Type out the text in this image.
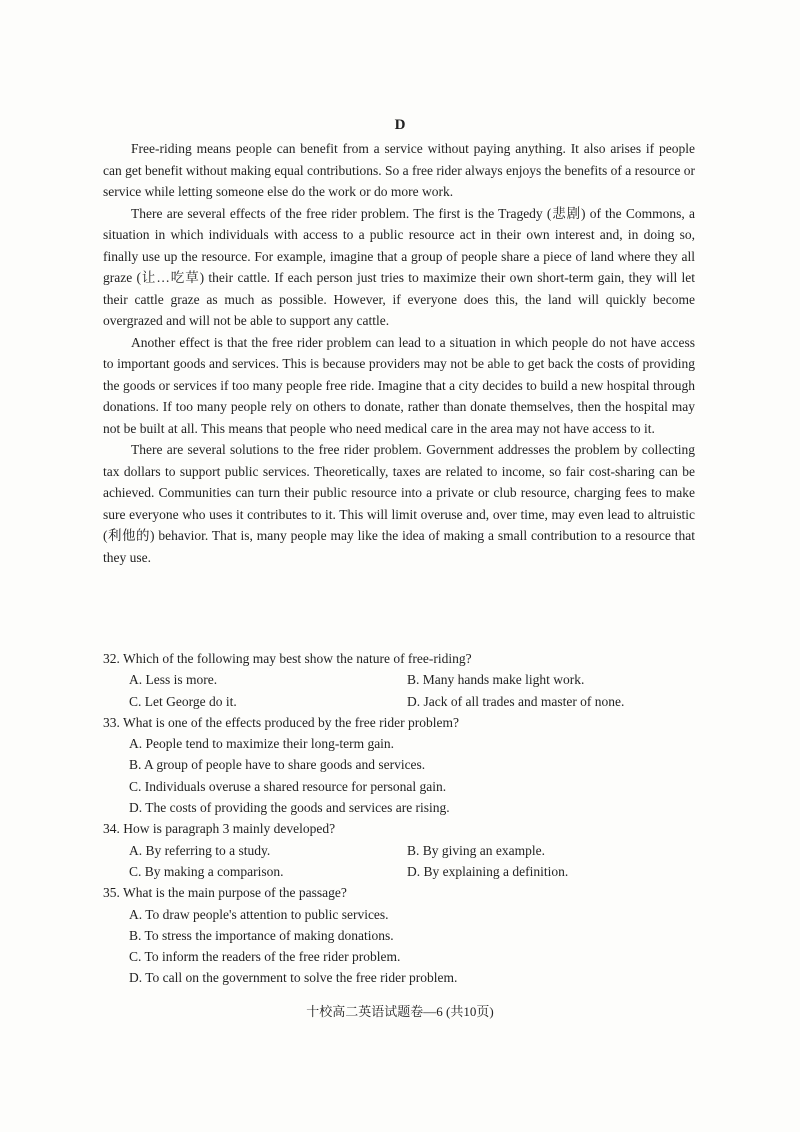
D

Free-riding means people can benefit from a service without paying anything. It also arises if people can get benefit without making equal contributions. So a free rider always enjoys the benefits of a resource or service while letting someone else do the work or do more work.

There are several effects of the free rider problem. The first is the Tragedy (悲剧) of the Commons, a situation in which individuals with access to a public resource act in their own interest and, in doing so, finally use up the resource. For example, imagine that a group of people share a piece of land where they all graze (让…吃草) their cattle. If each person just tries to maximize their own short-term gain, they will let their cattle graze as much as possible. However, if everyone does this, the land will quickly become overgrazed and will not be able to support any cattle.

Another effect is that the free rider problem can lead to a situation in which people do not have access to important goods and services. This is because providers may not be able to get back the costs of providing the goods or services if too many people free ride. Imagine that a city decides to build a new hospital through donations. If too many people rely on others to donate, rather than donate themselves, then the hospital may not be built at all. This means that people who need medical care in the area may not have access to it.

There are several solutions to the free rider problem. Government addresses the problem by collecting tax dollars to support public services. Theoretically, taxes are related to income, so fair cost-sharing can be achieved. Communities can turn their public resource into a private or club resource, charging fees to make sure everyone who uses it contributes to it. This will limit overuse and, over time, may even lead to altruistic (利他的) behavior. That is, many people may like the idea of making a small contribution to a resource that they use.

32. Which of the following may best show the nature of free-riding?

A. Less is more.	B. Many hands make light work.
C. Let George do it.	D. Jack of all trades and master of none.

33. What is one of the effects produced by the free rider problem?

A. People tend to maximize their long-term gain.
B. A group of people have to share goods and services.
C. Individuals overuse a shared resource for personal gain.
D. The costs of providing the goods and services are rising.

34. How is paragraph 3 mainly developed?

A. By referring to a study.	B. By giving an example.
C. By making a comparison.	D. By explaining a definition.

35. What is the main purpose of the passage?

A. To draw people's attention to public services.
B. To stress the importance of making donations.
C. To inform the readers of the free rider problem.
D. To call on the government to solve the free rider problem.
十校高二英语试题卷—6 (共10页)
